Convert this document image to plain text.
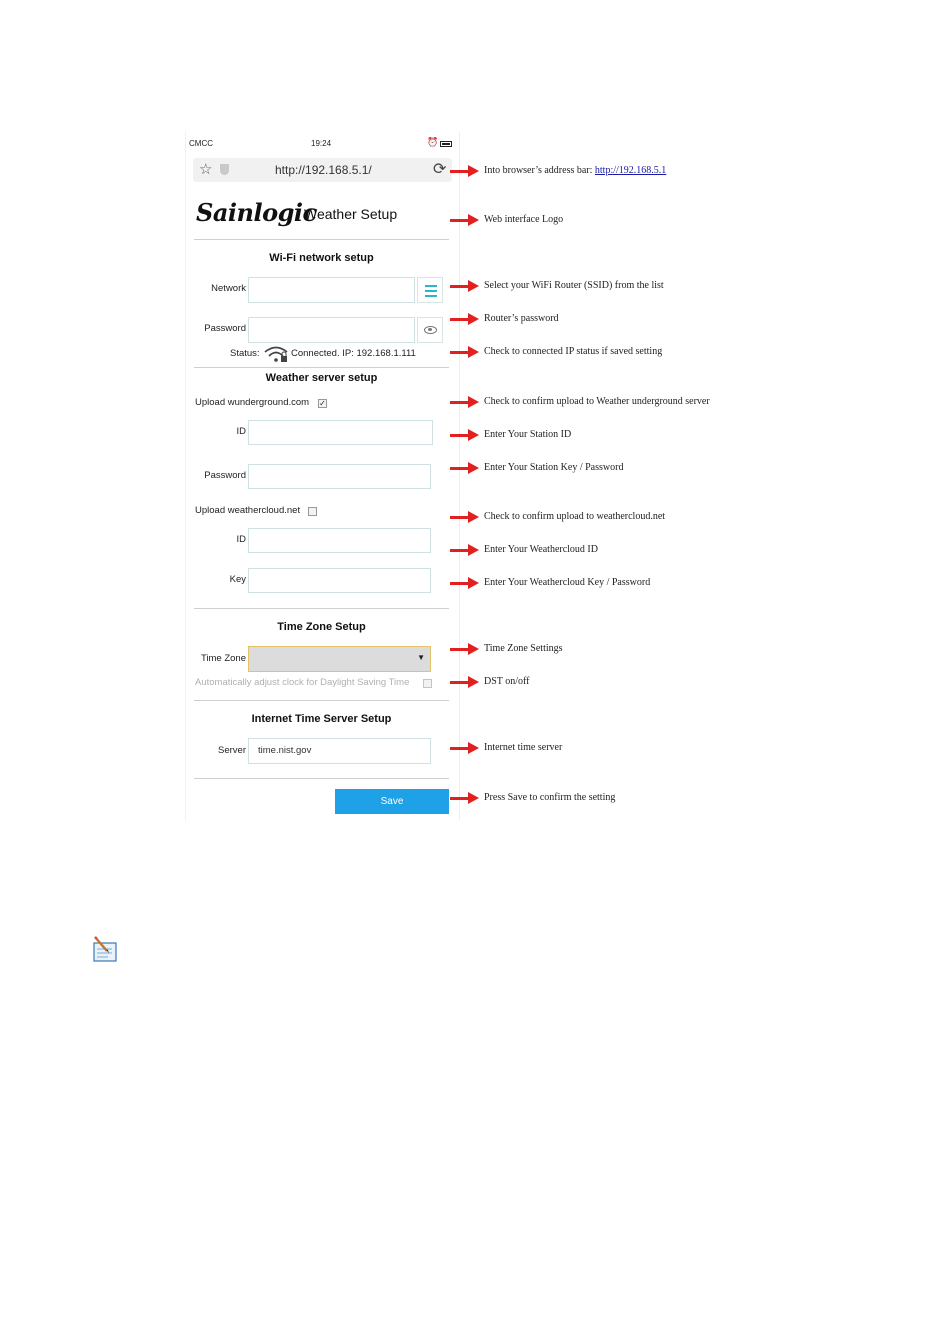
CMCC	19:24	⏰
☆	http://192.168.5.1/	⟳
Sainlogic
Weather Setup
Wi-Fi network setup
Network
Password
Status:	Connected. IP: 192.168.1.111
Weather server setup
Upload wunderground.com ✓
ID
Password
Upload weathercloud.net
ID
Key
Time Zone Setup
Time Zone	▼
Automatically adjust clock for Daylight Saving Time
Internet Time Server Setup
Server	time.nist.gov
Save
Into browser’s address bar: http://192.168.5.1
Web interface Logo
Select your WiFi Router (SSID) from the list
Router’s password
Check to connected IP status if saved setting
Check to confirm upload to Weather underground server
Enter Your Station ID
Enter Your Station Key / Password
Check to confirm upload to weathercloud.net
Enter Your Weathercloud ID
Enter Your Weathercloud Key / Password
Time Zone Settings
DST on/off
Internet time server
Press Save to confirm the setting
